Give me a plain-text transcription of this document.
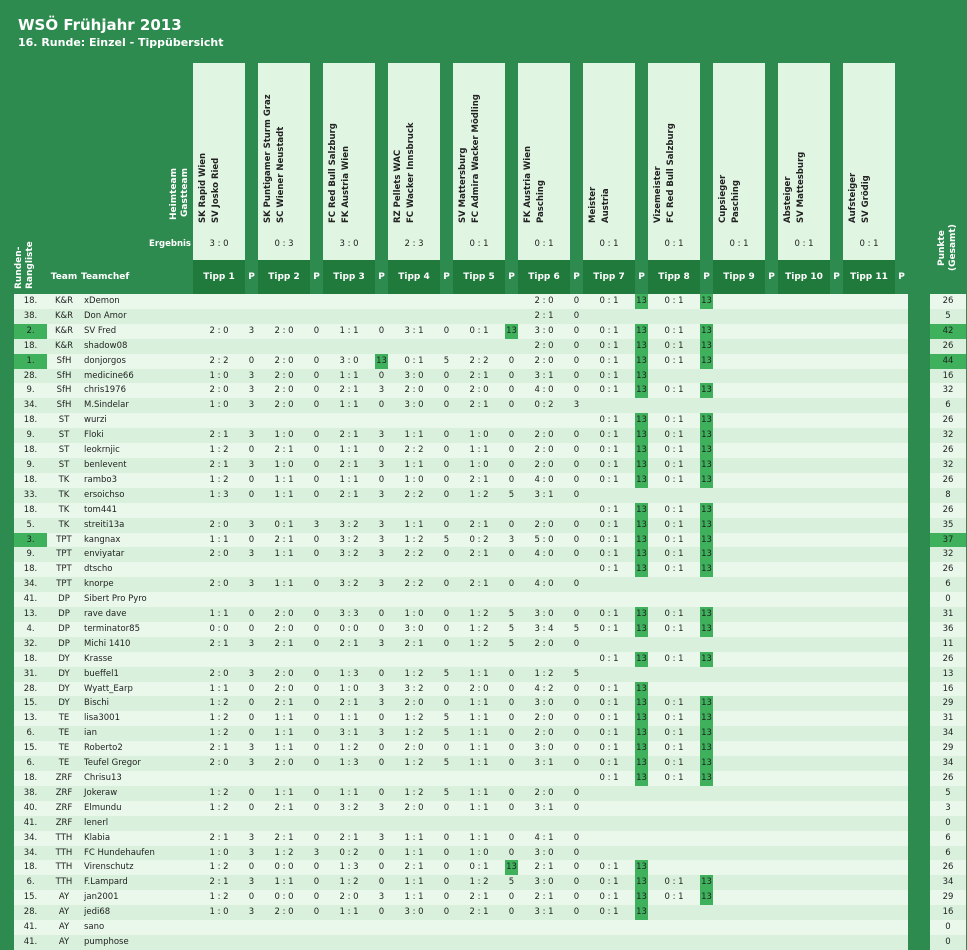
WSÖ Frühjahr 2013
16. Runde: Einzel - Tippübersicht
		HeimteamGastteam	SK Rapid Wien SV Josko Ried		SK Puntigamer Sturm Graz SC Wiener Neustadt		FC Red Bull Salzburg FK Austria Wien		RZ Pellets WAC FC Wacker Innsbruck		SV Mattersburg FC Admira Wacker Mödling		FK Austria Wien Pasching		Meister Austria		Vizemeister FC Red Bull Salzburg		Cupsieger Pasching		Absteiger SV Mattesburg		Aufsteiger SV Grödig			Punkte
(Gesamt)
Runden-
Rangliste	Ergebnis		3 : 0		0 : 3		3 : 0		2 : 3		0 : 1		0 : 1		0 : 1		0 : 1		0 : 1		0 : 1		0 : 1			
	Team	Teamchef	Tipp 1	P	Tipp 2	P	Tipp 3	P	Tipp 4	P	Tipp 5	P	Tipp 6	P	Tipp 7	P	Tipp 8	P	Tipp 9	P	Tipp 10	P	Tipp 11	P		
18.	K&R	xDemon											2 : 0	0	0 : 1	13	0 : 1	13								26
38.	K&R	Don Amor											2 : 1	0												5
2.	K&R	SV Fred	2 : 0	3	2 : 0	0	1 : 1	0	3 : 1	0	0 : 1	13	3 : 0	0	0 : 1	13	0 : 1	13								42
18.	K&R	shadow08											2 : 0	0	0 : 1	13	0 : 1	13								26
1.	SfH	donjorgos	2 : 2	0	2 : 0	0	3 : 0	13	0 : 1	5	2 : 2	0	2 : 0	0	0 : 1	13	0 : 1	13								44
28.	SfH	medicine66	1 : 0	3	2 : 0	0	1 : 1	0	3 : 0	0	2 : 1	0	3 : 1	0	0 : 1	13										16
9.	SfH	chris1976	2 : 0	3	2 : 0	0	2 : 1	3	2 : 0	0	2 : 0	0	4 : 0	0	0 : 1	13	0 : 1	13								32
34.	SfH	M.Sindelar	1 : 0	3	2 : 0	0	1 : 1	0	3 : 0	0	2 : 1	0	0 : 2	3												6
18.	ST	wurzi													0 : 1	13	0 : 1	13								26
9.	ST	Floki	2 : 1	3	1 : 0	0	2 : 1	3	1 : 1	0	1 : 0	0	2 : 0	0	0 : 1	13	0 : 1	13								32
18.	ST	leokrnjic	1 : 2	0	2 : 1	0	1 : 1	0	2 : 2	0	1 : 1	0	2 : 0	0	0 : 1	13	0 : 1	13								26
9.	ST	benlevent	2 : 1	3	1 : 0	0	2 : 1	3	1 : 1	0	1 : 0	0	2 : 0	0	0 : 1	13	0 : 1	13								32
18.	TK	rambo3	1 : 2	0	1 : 1	0	1 : 1	0	1 : 0	0	2 : 1	0	4 : 0	0	0 : 1	13	0 : 1	13								26
33.	TK	ersoichso	1 : 3	0	1 : 1	0	2 : 1	3	2 : 2	0	1 : 2	5	3 : 1	0												8
18.	TK	tom441													0 : 1	13	0 : 1	13								26
5.	TK	streiti13a	2 : 0	3	0 : 1	3	3 : 2	3	1 : 1	0	2 : 1	0	2 : 0	0	0 : 1	13	0 : 1	13								35
3.	TPT	kangnax	1 : 1	0	2 : 1	0	3 : 2	3	1 : 2	5	0 : 2	3	5 : 0	0	0 : 1	13	0 : 1	13								37
9.	TPT	enviyatar	2 : 0	3	1 : 1	0	3 : 2	3	2 : 2	0	2 : 1	0	4 : 0	0	0 : 1	13	0 : 1	13								32
18.	TPT	dtscho													0 : 1	13	0 : 1	13								26
34.	TPT	knorpe	2 : 0	3	1 : 1	0	3 : 2	3	2 : 2	0	2 : 1	0	4 : 0	0												6
41.	DP	Sibert Pro Pyro																								0
13.	DP	rave dave	1 : 1	0	2 : 0	0	3 : 3	0	1 : 0	0	1 : 2	5	3 : 0	0	0 : 1	13	0 : 1	13								31
4.	DP	terminator85	0 : 0	0	2 : 0	0	0 : 0	0	3 : 0	0	1 : 2	5	3 : 4	5	0 : 1	13	0 : 1	13								36
32.	DP	Michi 1410	2 : 1	3	2 : 1	0	2 : 1	3	2 : 1	0	1 : 2	5	2 : 0	0												11
18.	DY	Krasse													0 : 1	13	0 : 1	13								26
31.	DY	bueffel1	2 : 0	3	2 : 0	0	1 : 3	0	1 : 2	5	1 : 1	0	1 : 2	5												13
28.	DY	Wyatt_Earp	1 : 1	0	2 : 0	0	1 : 0	3	3 : 2	0	2 : 0	0	4 : 2	0	0 : 1	13										16
15.	DY	Bischi	1 : 2	0	2 : 1	0	2 : 1	3	2 : 0	0	1 : 1	0	3 : 0	0	0 : 1	13	0 : 1	13								29
13.	TE	lisa3001	1 : 2	0	1 : 1	0	1 : 1	0	1 : 2	5	1 : 1	0	2 : 0	0	0 : 1	13	0 : 1	13								31
6.	TE	ian	1 : 2	0	1 : 1	0	3 : 1	3	1 : 2	5	1 : 1	0	2 : 0	0	0 : 1	13	0 : 1	13								34
15.	TE	Roberto2	2 : 1	3	1 : 1	0	1 : 2	0	2 : 0	0	1 : 1	0	3 : 0	0	0 : 1	13	0 : 1	13								29
6.	TE	Teufel Gregor	2 : 0	3	2 : 0	0	1 : 3	0	1 : 2	5	1 : 1	0	3 : 1	0	0 : 1	13	0 : 1	13								34
18.	ZRF	Chrisu13													0 : 1	13	0 : 1	13								26
38.	ZRF	Jokeraw	1 : 2	0	1 : 1	0	1 : 1	0	1 : 2	5	1 : 1	0	2 : 0	0												5
40.	ZRF	Elmundu	1 : 2	0	2 : 1	0	3 : 2	3	2 : 0	0	1 : 1	0	3 : 1	0												3
41.	ZRF	lenerl																								0
34.	TTH	Klabia	2 : 1	3	2 : 1	0	2 : 1	3	1 : 1	0	1 : 1	0	4 : 1	0												6
34.	TTH	FC Hundehaufen	1 : 0	3	1 : 2	3	0 : 2	0	1 : 1	0	1 : 0	0	3 : 0	0												6
18.	TTH	Virenschutz	1 : 2	0	0 : 0	0	1 : 3	0	2 : 1	0	0 : 1	13	2 : 1	0	0 : 1	13										26
6.	TTH	F.Lampard	2 : 1	3	1 : 1	0	1 : 2	0	1 : 1	0	1 : 2	5	3 : 0	0	0 : 1	13	0 : 1	13								34
15.	AY	jan2001	1 : 2	0	0 : 0	0	2 : 0	3	1 : 1	0	2 : 1	0	2 : 1	0	0 : 1	13	0 : 1	13								29
28.	AY	jedi68	1 : 0	3	2 : 0	0	1 : 1	0	3 : 0	0	2 : 1	0	3 : 1	0	0 : 1	13										16
41.	AY	sano																								0
41.	AY	pumphose																								0
